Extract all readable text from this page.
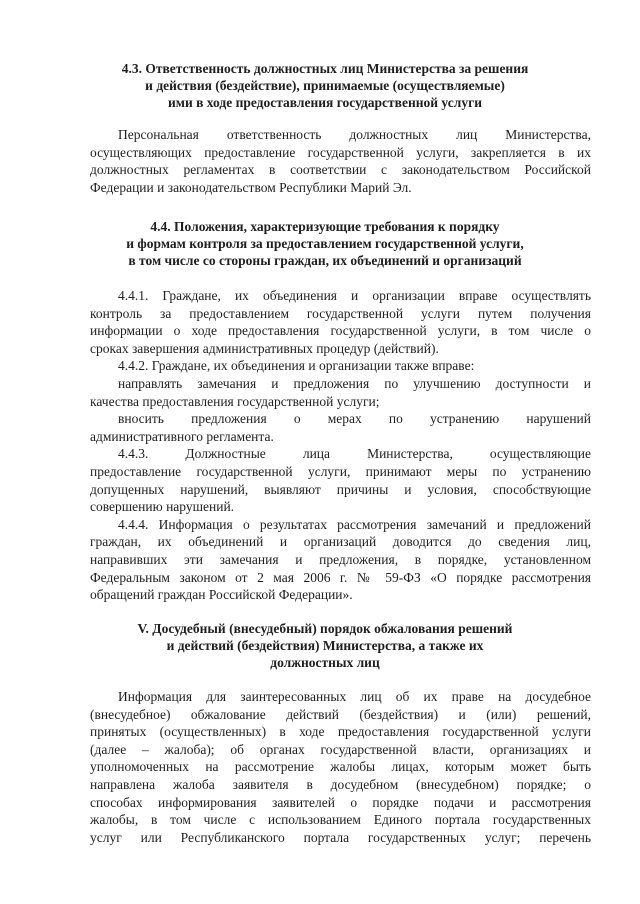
4.3. Ответственность должностных лиц Министерства за решения
и действия (бездействие), принимаемые (осуществляемые)
ими в ходе предоставления государственной услуги
Персональная ответственность должностных лиц Министерства,
осуществляющих предоставление государственной услуги, закрепляется в их
должностных регламентах в соответствии с законодательством Российской
Федерации и законодательством Республики Марий Эл.
4.4. Положения, характеризующие требования к порядку
и формам контроля за предоставлением государственной услуги,
в том числе со стороны граждан, их объединений и организаций
4.4.1. Граждане, их объединения и организации вправе осуществлять
контроль за предоставлением государственной услуги путем получения
информации о ходе предоставления государственной услуги, в том числе о
сроках завершения административных процедур (действий).
4.4.2. Граждане, их объединения и организации также вправе:
направлять замечания и предложения по улучшению доступности и
качества предоставления государственной услуги;
вносить предложения о мерах по устранению нарушений
административного регламента.
4.4.3. Должностные лица Министерства, осуществляющие
предоставление государственной услуги, принимают меры по устранению
допущенных нарушений, выявляют причины и условия, способствующие
совершению нарушений.
4.4.4. Информация о результатах рассмотрения замечаний и предложений
граждан, их объединений и организаций доводится до сведения лиц,
направивших эти замечания и предложения, в порядке, установленном
Федеральным законом от 2 мая 2006 г. № 59-ФЗ «О порядке рассмотрения
обращений граждан Российской Федерации».
V. Досудебный (внесудебный) порядок обжалования решений
и действий (бездействия) Министерства, а также их
должностных лиц
Информация для заинтересованных лиц об их праве на досудебное
(внесудебное) обжалование действий (бездействия) и (или) решений,
принятых (осуществленных) в ходе предоставления государственной услуги
(далее – жалоба); об органах государственной власти, организациях и
уполномоченных на рассмотрение жалобы лицах, которым может быть
направлена жалоба заявителя в досудебном (внесудебном) порядке; о
способах информирования заявителей о порядке подачи и рассмотрения
жалобы, в том числе с использованием Единого портала государственных
услуг или Республиканского портала государственных услуг; перечень
